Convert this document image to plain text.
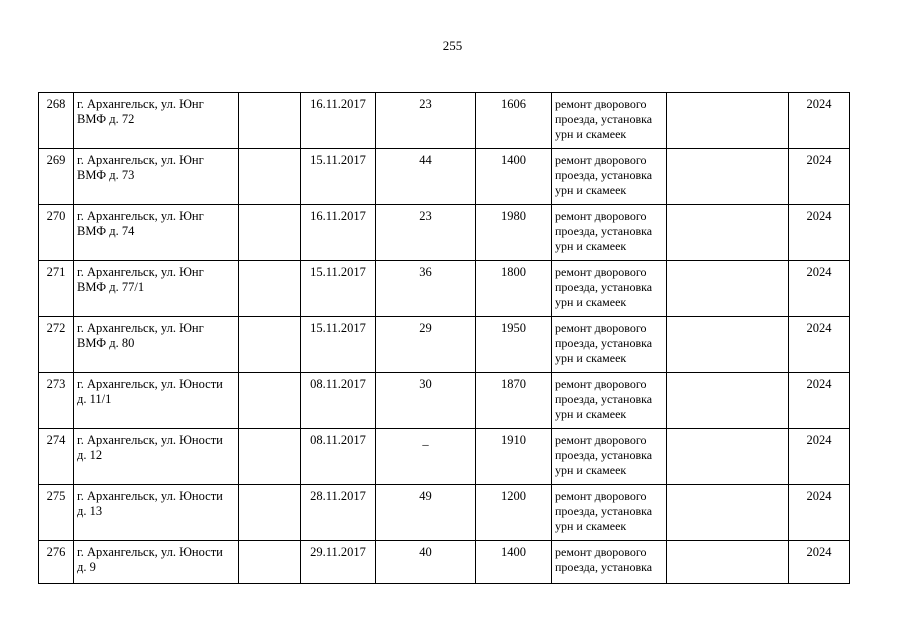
255
268	г. Архангельск, ул. Юнг ВМФ д. 72		16.11.2017	23	1606	ремонт дворового проезда, установка урн и скамеек		2024
269	г. Архангельск, ул. Юнг ВМФ д. 73		15.11.2017	44	1400	ремонт дворового проезда, установка урн и скамеек		2024
270	г. Архангельск, ул. Юнг ВМФ д. 74		16.11.2017	23	1980	ремонт дворового проезда, установка урн и скамеек		2024
271	г. Архангельск, ул. Юнг ВМФ д. 77/1		15.11.2017	36	1800	ремонт дворового проезда, установка урн и скамеек		2024
272	г. Архангельск, ул. Юнг ВМФ д. 80		15.11.2017	29	1950	ремонт дворового проезда, установка урн и скамеек		2024
273	г. Архангельск, ул. Юности д. 11/1		08.11.2017	30	1870	ремонт дворового проезда, установка урн и скамеек		2024
274	г. Архангельск, ул. Юности д. 12		08.11.2017	_	1910	ремонт дворового проезда, установка урн и скамеек		2024
275	г. Архангельск, ул. Юности д. 13		28.11.2017	49	1200	ремонт дворового проезда, установка урн и скамеек		2024
276	г. Архангельск, ул. Юности д. 9		29.11.2017	40	1400	ремонт дворового проезда, установка		2024
